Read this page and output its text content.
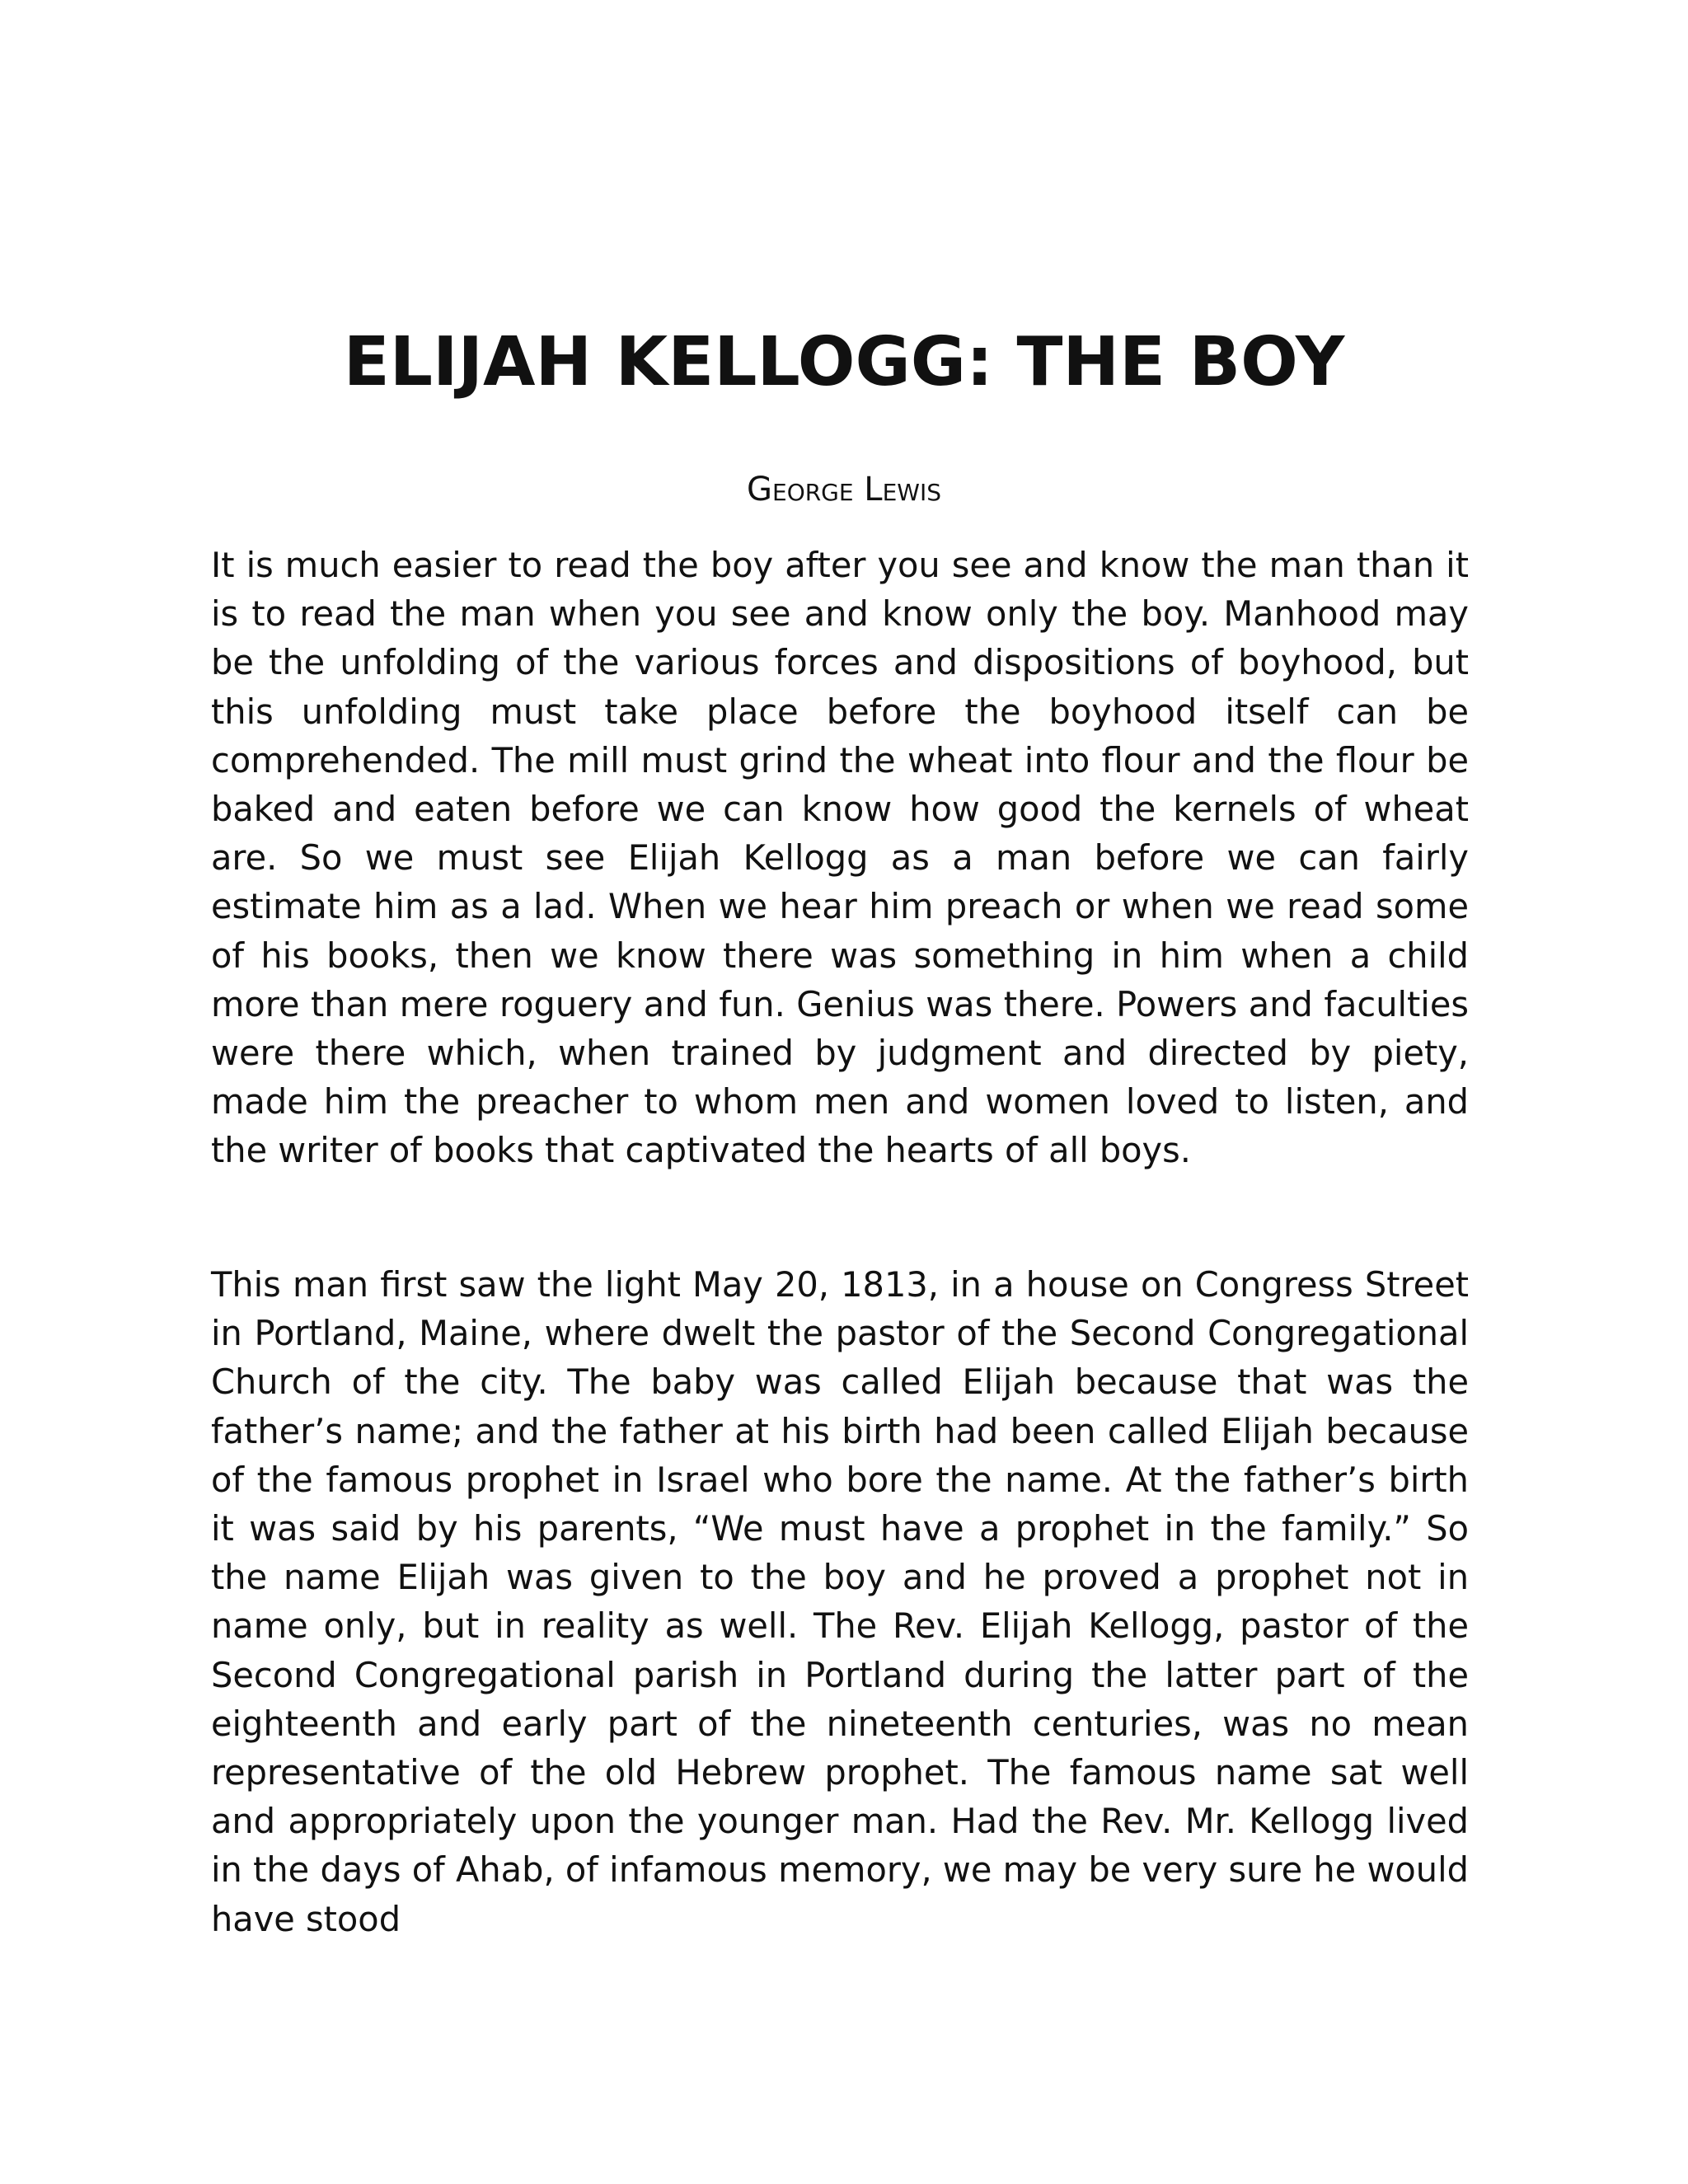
ELIJAH KELLOGG: THE BOY

George Lewis

It is much easier to read the boy after you see and know the man than it is to read the man when you see and know only the boy. Manhood may be the unfolding of the various forces and dispositions of boyhood, but this unfolding must take place before the boyhood itself can be comprehended. The mill must grind the wheat into flour and the flour be baked and eaten before we can know how good the kernels of wheat are. So we must see Elijah Kellogg as a man before we can fairly estimate him as a lad. When we hear him preach or when we read some of his books, then we know there was something in him when a child more than mere roguery and fun. Genius was there. Powers and faculties were there which, when trained by judgment and directed by piety, made him the preacher to whom men and women loved to listen, and the writer of books that captivated the hearts of all boys.

This man first saw the light May 20, 1813, in a house on Congress Street in Portland, Maine, where dwelt the pastor of the Second Congregational Church of the city. The baby was called Elijah because that was the father’s name; and the father at his birth had been called Elijah because of the famous prophet in Israel who bore the name. At the father’s birth it was said by his parents, “We must have a prophet in the family.” So the name Elijah was given to the boy and he proved a prophet not in name only, but in reality as well. The Rev. Elijah Kellogg, pastor of the Second Congregational parish in Portland during the latter part of the eighteenth and early part of the nineteenth centuries, was no mean representative of the old Hebrew prophet. The famous name sat well and appropriately upon the younger man. Had the Rev. Mr. Kellogg lived in the days of Ahab, of infamous memory, we may be very sure he would have stood
